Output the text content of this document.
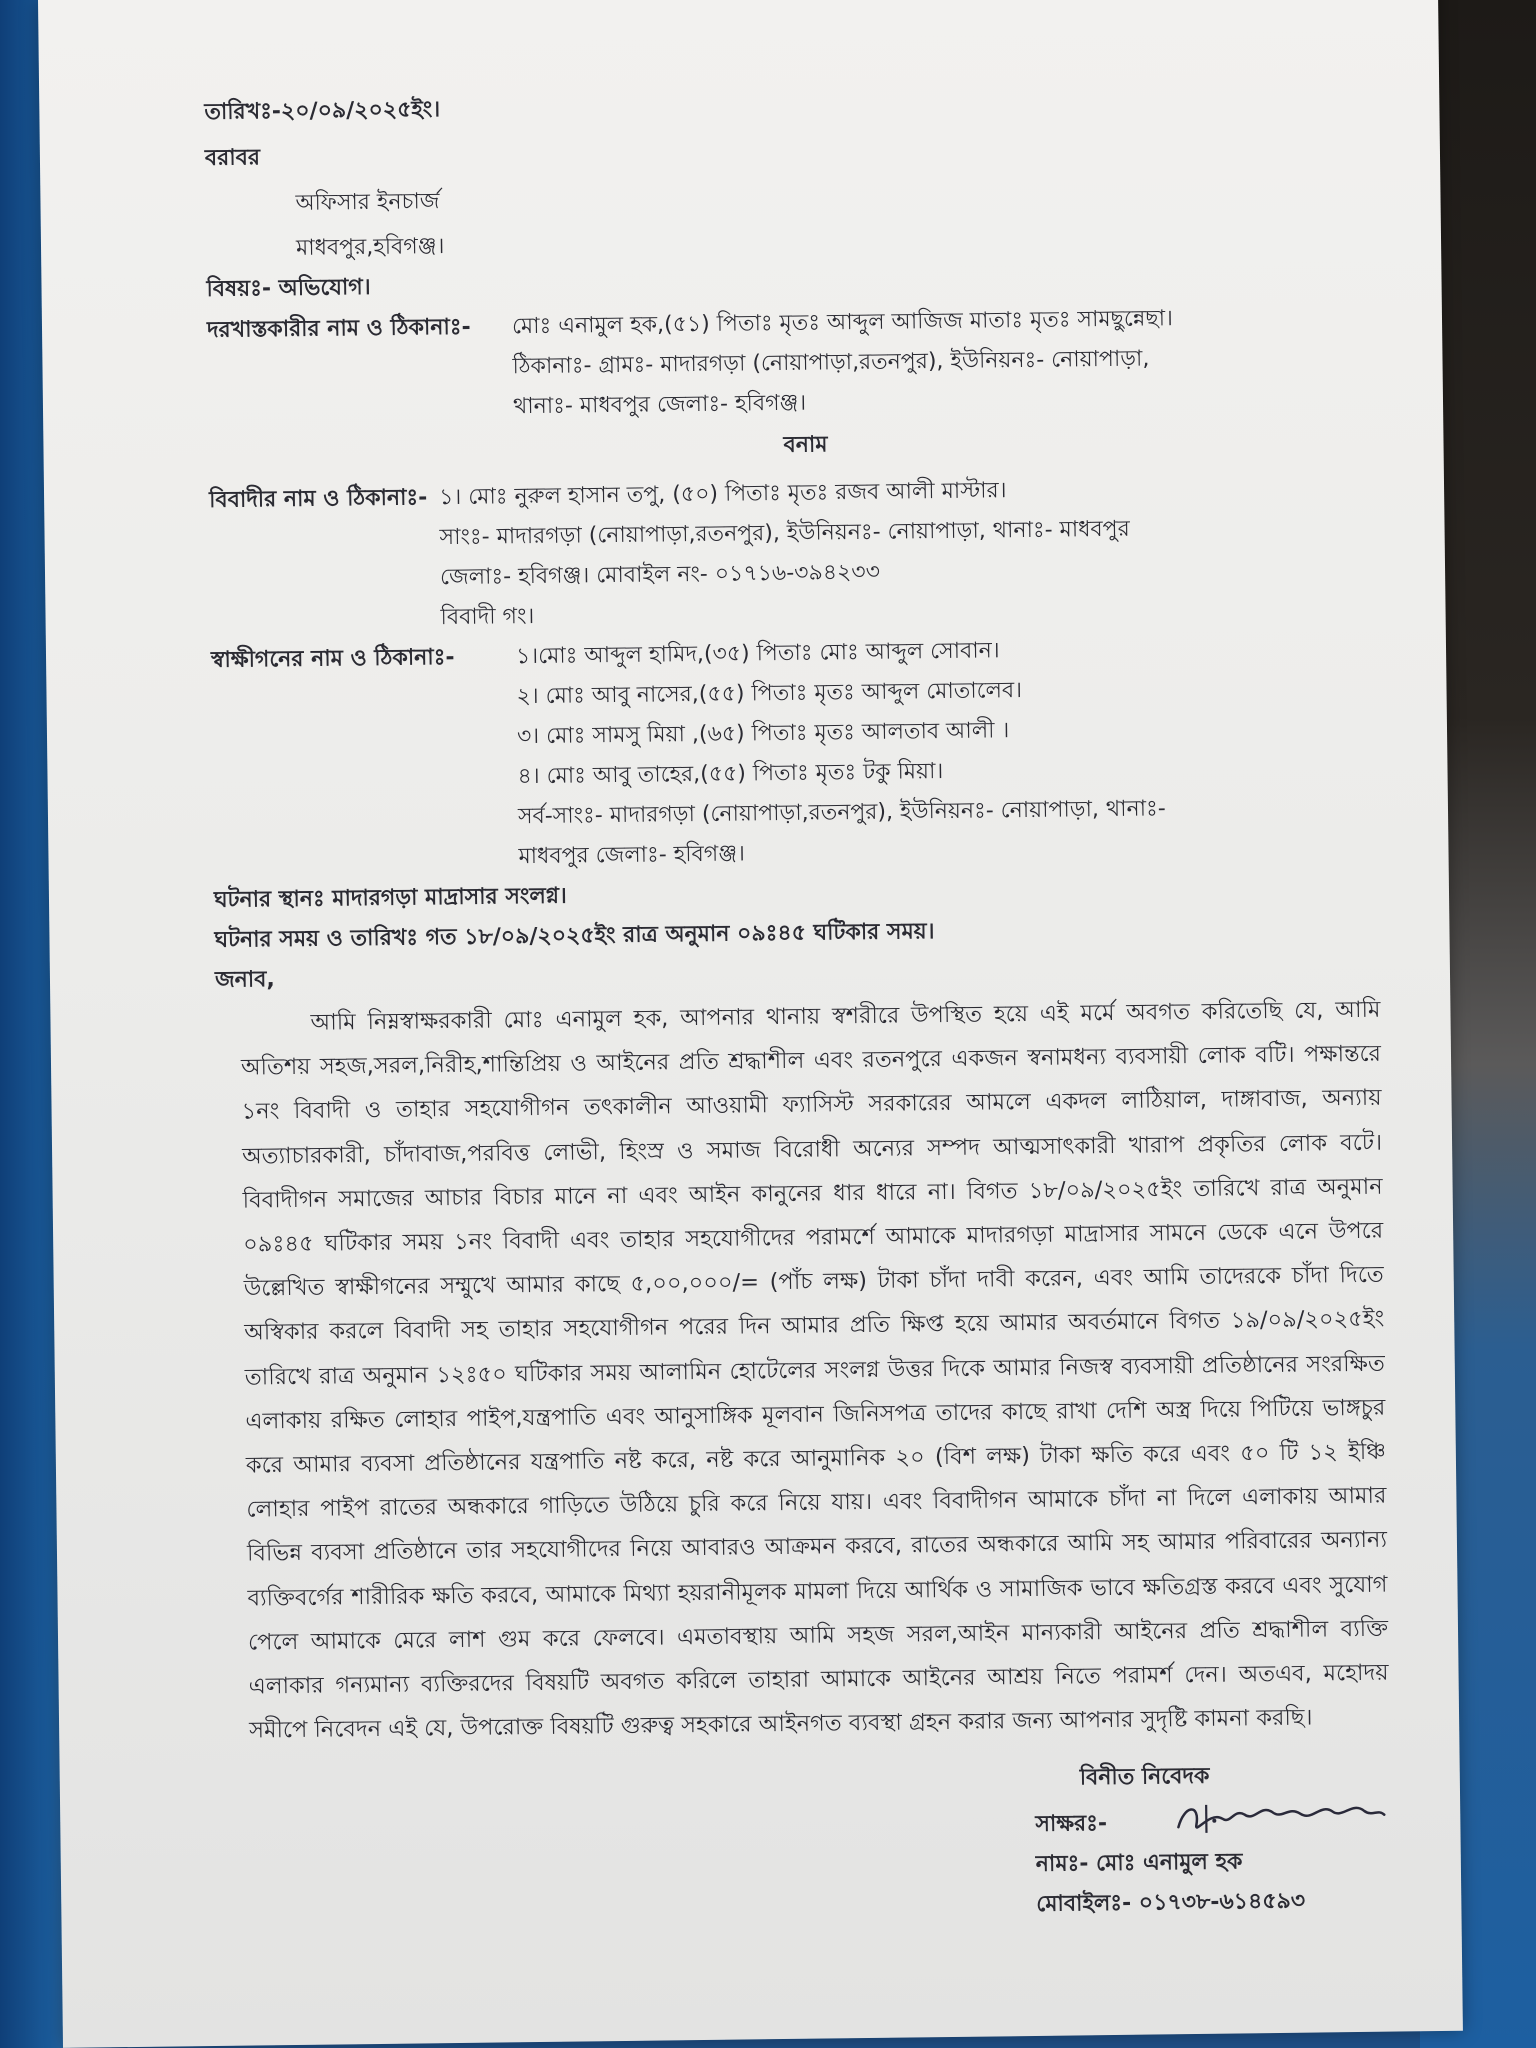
তারিখঃ-২০/০৯/২০২৫ইং।
বরাবর
অফিসার ইনচার্জ
মাধবপুর,হবিগঞ্জ।
বিষয়ঃ- অভিযোগ।
দরখাস্তকারীর নাম ও ঠিকানাঃ- মোঃ এনামুল হক,(৫১) পিতাঃ মৃতঃ আব্দুল আজিজ মাতাঃ মৃতঃ সামছুন্নেছা।
ঠিকানাঃ- গ্রামঃ- মাদারগড়া (নোয়াপাড়া,রতনপুর), ইউনিয়নঃ- নোয়াপাড়া,
থানাঃ- মাধবপুর জেলাঃ- হবিগঞ্জ।
বনাম
বিবাদীর নাম ও ঠিকানাঃ- ১। মোঃ নুরুল হাসান তপু, (৫০) পিতাঃ মৃতঃ রজব আলী মাস্টার।
সাংঃ- মাদারগড়া (নোয়াপাড়া,রতনপুর), ইউনিয়নঃ- নোয়াপাড়া, থানাঃ- মাধবপুর
জেলাঃ- হবিগঞ্জ। মোবাইল নং- ০১৭১৬-৩৯৪২৩৩
বিবাদী গং।
স্বাক্ষীগনের নাম ও ঠিকানাঃ-	১।মোঃ আব্দুল হামিদ,(৩৫) পিতাঃ মোঃ আব্দুল সোবান।
২। মোঃ আবু নাসের,(৫৫) পিতাঃ মৃতঃ আব্দুল মোতালেব।
৩। মোঃ সামসু মিয়া ,(৬৫) পিতাঃ মৃতঃ আলতাব আলী ।
৪। মোঃ আবু তাহের,(৫৫) পিতাঃ মৃতঃ টকু মিয়া।
সর্ব-সাংঃ- মাদারগড়া (নোয়াপাড়া,রতনপুর), ইউনিয়নঃ- নোয়াপাড়া, থানাঃ-
মাধবপুর জেলাঃ- হবিগঞ্জ।
ঘটনার স্থানঃ মাদারগড়া মাদ্রাসার সংলগ্ন।
ঘটনার সময় ও তারিখঃ গত ১৮/০৯/২০২৫ইং রাত্র অনুমান ০৯ঃ৪৫ ঘটিকার সময়।
জনাব,
আমি নিম্নস্বাক্ষরকারী মোঃ এনামুল হক, আপনার থানায় স্বশরীরে উপস্থিত হয়ে এই মর্মে অবগত করিতেছি যে, আমি অতিশয় সহজ,সরল,নিরীহ,শান্তিপ্রিয় ও আইনের প্রতি শ্রদ্ধাশীল এবং রতনপুরে একজন স্বনামধন্য ব্যবসায়ী লোক বটি। পক্ষান্তরে ১নং বিবাদী ও তাহার সহযোগীগন তৎকালীন আওয়ামী ফ্যাসিস্ট সরকারের আমলে একদল লাঠিয়াল, দাঙ্গাবাজ, অন্যায় অত্যাচারকারী, চাঁদাবাজ,পরবিত্ত লোভী, হিংস্র ও সমাজ বিরোধী অন্যের সম্পদ আত্মসাৎকারী খারাপ প্রকৃতির লোক বটে। বিবাদীগন সমাজের আচার বিচার মানে না এবং আইন কানুনের ধার ধারে না। বিগত ১৮/০৯/২০২৫ইং তারিখে রাত্র অনুমান ০৯ঃ৪৫ ঘটিকার সময় ১নং বিবাদী এবং তাহার সহযোগীদের পরামর্শে আমাকে মাদারগড়া মাদ্রাসার সামনে ডেকে এনে উপরে উল্লেখিত স্বাক্ষীগনের সম্মুখে আমার কাছে ৫,০০,০০০/= (পাঁচ লক্ষ) টাকা চাঁদা দাবী করেন, এবং আমি তাদেরকে চাঁদা দিতে অস্বিকার করলে বিবাদী সহ তাহার সহযোগীগন পরের দিন আমার প্রতি ক্ষিপ্ত হয়ে আমার অবর্তমানে বিগত ১৯/০৯/২০২৫ইং তারিখে রাত্র অনুমান ১২ঃ৫০ ঘটিকার সময় আলামিন হোটেলের সংলগ্ন উত্তর দিকে আমার নিজস্ব ব্যবসায়ী প্রতিষ্ঠানের সংরক্ষিত এলাকায় রক্ষিত লোহার পাইপ,যন্ত্রপাতি এবং আনুসাঙ্গিক মূলবান জিনিসপত্র তাদের কাছে রাখা দেশি অস্ত্র দিয়ে পিটিয়ে ভাঙ্গচুর করে আমার ব্যবসা প্রতিষ্ঠানের যন্ত্রপাতি নষ্ট করে, নষ্ট করে আনুমানিক ২০ (বিশ লক্ষ) টাকা ক্ষতি করে এবং ৫০ টি ১২ ইঞ্চি লোহার পাইপ রাতের অন্ধকারে গাড়িতে উঠিয়ে চুরি করে নিয়ে যায়। এবং বিবাদীগন আমাকে চাঁদা না দিলে এলাকায় আমার বিভিন্ন ব্যবসা প্রতিষ্ঠানে তার সহযোগীদের নিয়ে আবারও আক্রমন করবে, রাতের অন্ধকারে আমি সহ আমার পরিবারের অন্যান্য ব্যক্তিবর্গের শারীরিক ক্ষতি করবে, আমাকে মিথ্যা হয়রানীমূলক মামলা দিয়ে আর্থিক ও সামাজিক ভাবে ক্ষতিগ্রস্ত করবে এবং সুযোগ পেলে আমাকে মেরে লাশ গুম করে ফেলবে। এমতাবস্থায় আমি সহজ সরল,আইন মান্যকারী আইনের প্রতি শ্রদ্ধাশীল ব্যক্তি এলাকার গন্যমান্য ব্যক্তিরদের বিষয়টি অবগত করিলে তাহারা আমাকে আইনের আশ্রয় নিতে পরামর্শ দেন। অতএব, মহোদয় সমীপে নিবেদন এই যে, উপরোক্ত বিষয়টি গুরুত্ব সহকারে আইনগত ব্যবস্থা গ্রহন করার জন্য আপনার সুদৃষ্টি কামনা করছি।
বিনীত নিবেদক
সাক্ষরঃ-
নামঃ- মোঃ এনামুল হক
মোবাইলঃ- ০১৭৩৮-৬১৪৫৯৩
